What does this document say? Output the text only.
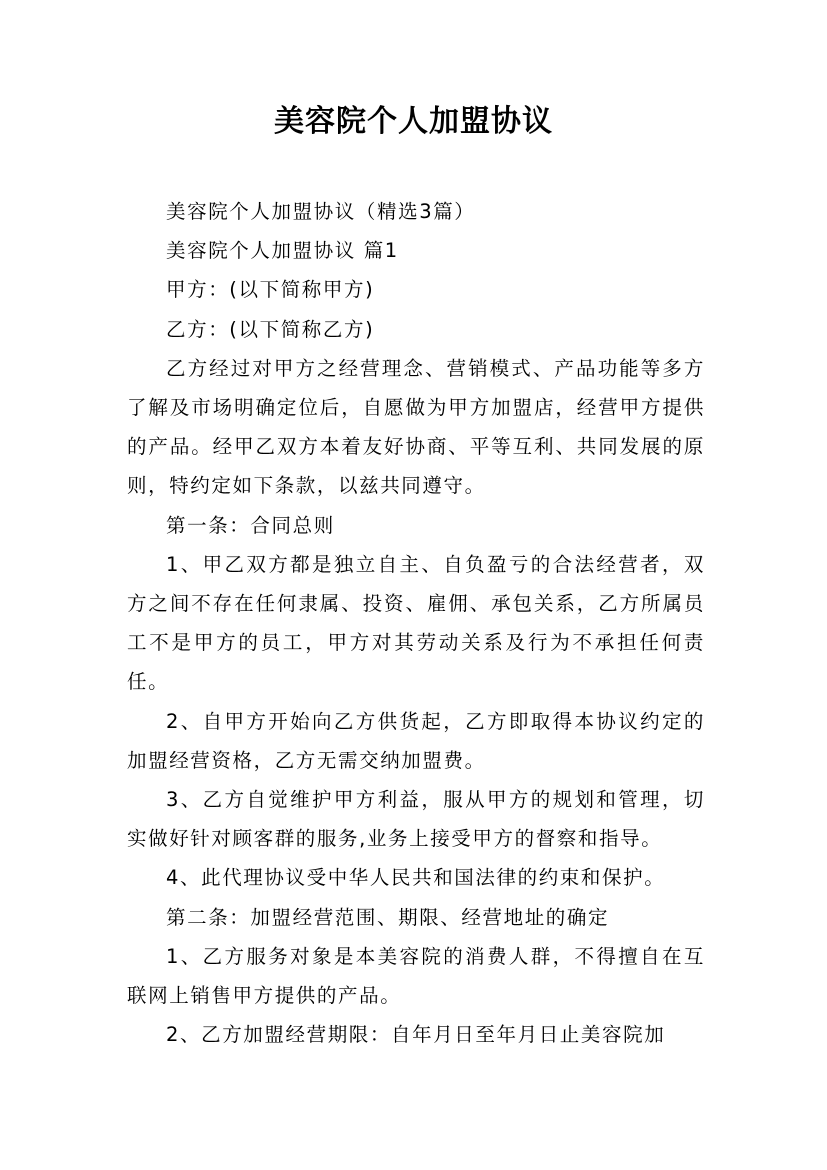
美容院个人加盟协议

美容院个人加盟协议（精选3篇）

美容院个人加盟协议 篇1

甲方：(以下简称甲方)

乙方：(以下简称乙方)

乙方经过对甲方之经营理念、营销模式、产品功能等多方了解及市场明确定位后，自愿做为甲方加盟店，经营甲方提供的产品。经甲乙双方本着友好协商、平等互利、共同发展的原则，特约定如下条款，以兹共同遵守。

第一条：合同总则

1、甲乙双方都是独立自主、自负盈亏的合法经营者，双方之间不存在任何隶属、投资、雇佣、承包关系，乙方所属员工不是甲方的员工，甲方对其劳动关系及行为不承担任何责任。

2、自甲方开始向乙方供货起，乙方即取得本协议约定的加盟经营资格，乙方无需交纳加盟费。

3、乙方自觉维护甲方利益，服从甲方的规划和管理，切实做好针对顾客群的服务,业务上接受甲方的督察和指导。

4、此代理协议受中华人民共和国法律的约束和保护。

第二条：加盟经营范围、期限、经营地址的确定

1、乙方服务对象是本美容院的消费人群，不得擅自在互联网上销售甲方提供的产品。

2、乙方加盟经营期限：自年月日至年月日止美容院加
